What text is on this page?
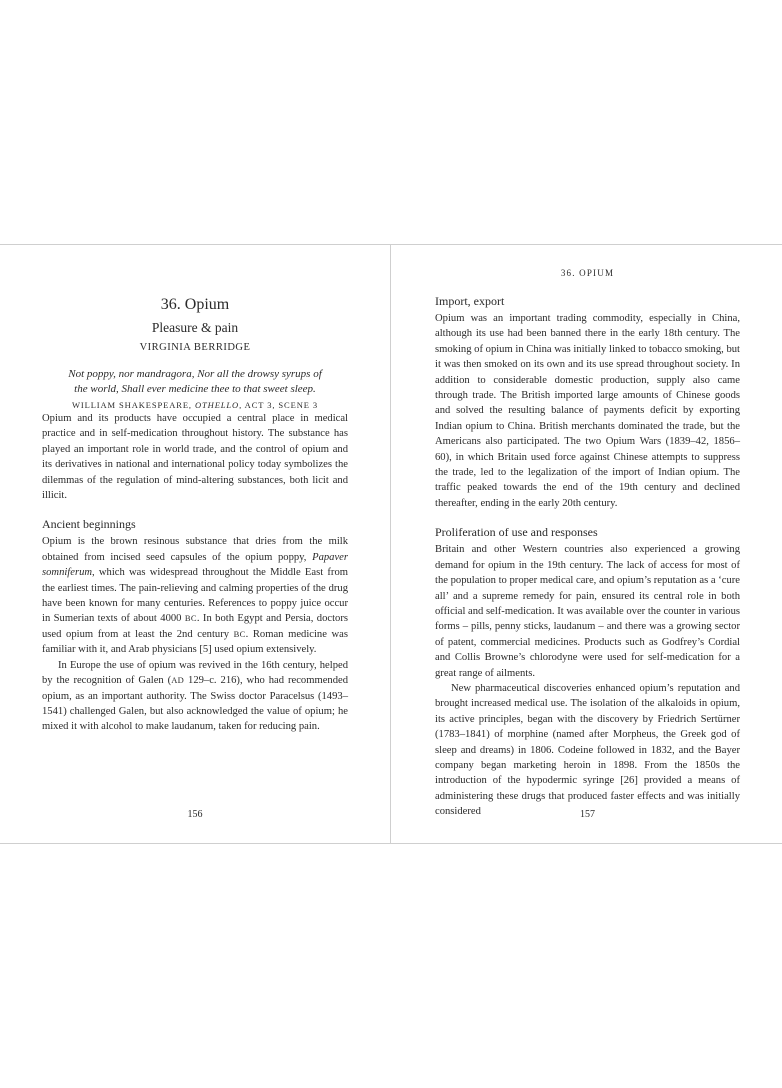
36. Opium
Pleasure & pain
VIRGINIA BERRIDGE
Not poppy, nor mandragora, Nor all the drowsy syrups of
the world, Shall ever medicine thee to that sweet sleep.
WILLIAM SHAKESPEARE, OTHELLO, ACT 3, SCENE 3

Opium and its products have occupied a central place in medical practice and in self-medication throughout history. The substance has played an important role in world trade, and the control of opium and its derivatives in national and international policy today symbolizes the dilemmas of the regulation of mind-altering substances, both licit and illicit.

Ancient beginnings

Opium is the brown resinous substance that dries from the milk obtained from incised seed capsules of the opium poppy, Papaver somniferum, which was widespread throughout the Middle East from the earliest times. The pain-relieving and calming properties of the drug have been known for many centuries. References to poppy juice occur in Sumerian texts of about 4000 BC. In both Egypt and Persia, doctors used opium from at least the 2nd century BC. Roman medicine was familiar with it, and Arab physicians [5] used opium extensively.

In Europe the use of opium was revived in the 16th century, helped by the recognition of Galen (AD 129–c. 216), who had recommended opium, as an important authority. The Swiss doctor Paracelsus (1493–1541) challenged Galen, but also acknowledged the value of opium; he mixed it with alcohol to make laudanum, taken for reducing pain.

156
36. OPIUM
Import, export

Opium was an important trading commodity, especially in China, although its use had been banned there in the early 18th century. The smoking of opium in China was initially linked to tobacco smoking, but it was then smoked on its own and its use spread throughout society. In addition to considerable domestic production, supply also came through trade. The British imported large amounts of Chinese goods and solved the resulting balance of payments deficit by exporting Indian opium to China. British merchants dominated the trade, but the Americans also participated. The two Opium Wars (1839–42, 1856–60), in which Britain used force against Chinese attempts to suppress the trade, led to the legalization of the import of Indian opium. The traffic peaked towards the end of the 19th century and declined thereafter, ending in the early 20th century.

Proliferation of use and responses

Britain and other Western countries also experienced a growing demand for opium in the 19th century. The lack of access for most of the population to proper medical care, and opium’s reputation as a ‘cure all’ and a supreme remedy for pain, ensured its central role in both official and self-medication. It was available over the counter in various forms – pills, penny sticks, laudanum – and there was a growing sector of patent, commercial medicines. Products such as Godfrey’s Cordial and Collis Browne’s chlorodyne were used for self-medication for a great range of ailments.

New pharmaceutical discoveries enhanced opium’s reputation and brought increased medical use. The isolation of the alkaloids in opium, its active principles, began with the discovery by Friedrich Sertürner (1783–1841) of morphine (named after Morpheus, the Greek god of sleep and dreams) in 1806. Codeine followed in 1832, and the Bayer company began marketing heroin in 1898. From the 1850s the introduction of the hypodermic syringe [26] provided a means of administering these drugs that produced faster effects and was initially considered	157
